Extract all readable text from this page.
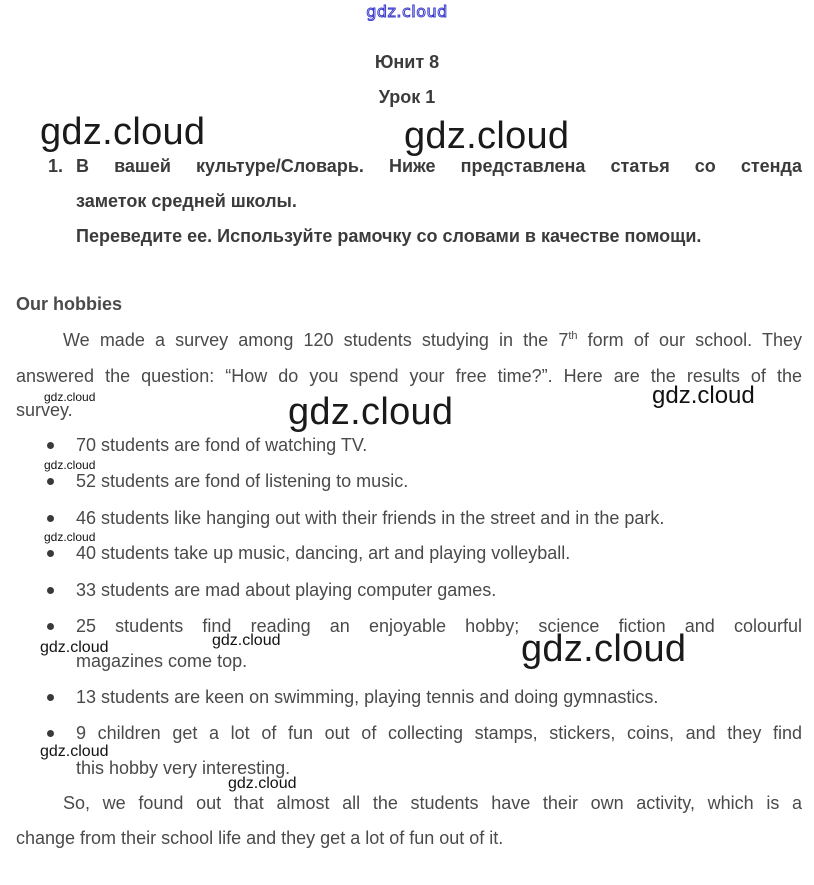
gdz.cloud
Юнит 8
Урок 1
1. В вашей культуре/Словарь. Ниже представлена статья со стенда
заметок средней школы.
Переведите ее. Используйте рамочку со словами в качестве помощи.
Our hobbies
We made a survey among 120 students studying in the 7th form of our school. They
answered the question: “How do you spend your free time?”. Here are the results of the
survey.
70 students are fond of watching TV.
52 students are fond of listening to music.
46 students like hanging out with their friends in the street and in the park.
40 students take up music, dancing, art and playing volleyball.
33 students are mad about playing computer games.
25 students find reading an enjoyable hobby; science fiction and colourful
magazines come top.
13 students are keen on swimming, playing tennis and doing gymnastics.
9 children get a lot of fun out of collecting stamps, stickers, coins, and they find
this hobby very interesting.
So, we found out that almost all the students have their own activity, which is a
change from their school life and they get a lot of fun out of it.
gdz.cloud	gdz.cloud
gdz.cloud	gdz.cloud
gdz.cloud
gdz.cloud
gdz.cloud
gdz.cloud
gdz.cloud	gdz.cloud
gdz.cloud
gdz.cloud
